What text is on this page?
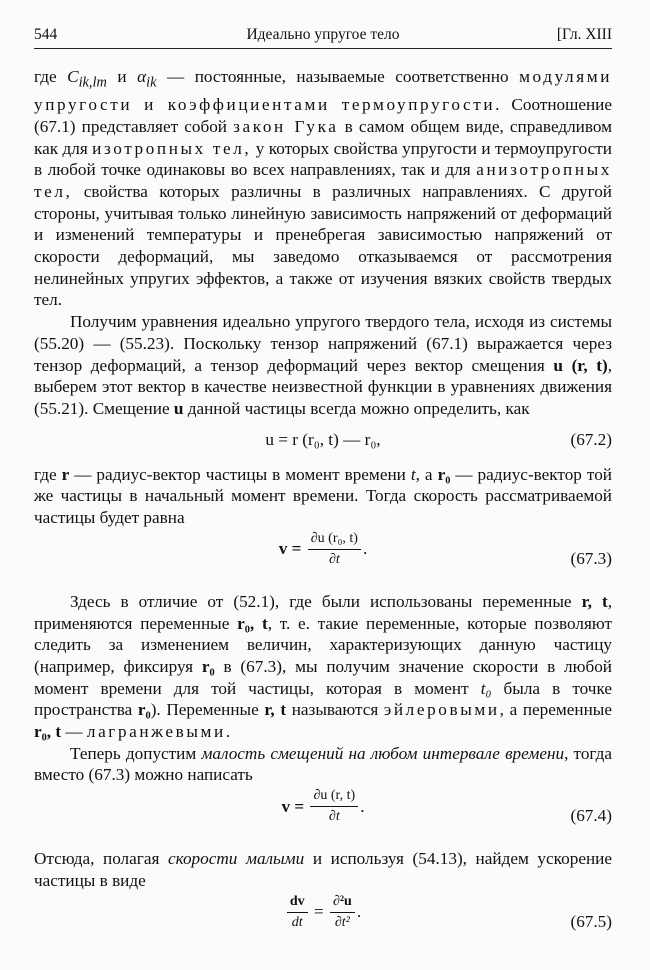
544	Идеально упругое тело	[Гл. XIII

где $C_{ik,lm}$ и $\alpha_{ik}$ — постоянные, называемые соответственно модулями упругости и коэффициентами термоупругости. Соотношение (67.1) представляет собой закон Гука в самом общем виде, справедливом как для изотропных тел, у которых свойства упругости и термоупругости в любой точке одинаковы во всех направлениях, так и для анизотропных тел, свойства которых различны в различных направлениях. С другой стороны, учитывая только линейную зависимость напряжений от деформаций и изменений температуры и пренебрегая зависимостью напряжений от скорости деформаций, мы заведомо отказываемся от рассмотрения нелинейных упругих эффектов, а также от изучения вязких свойств твердых тел.

Получим уравнения идеально упругого твердого тела, исходя из системы (55.20) — (55.23). Поскольку тензор напряжений (67.1) выражается через тензор деформаций, а тензор деформаций через вектор смещения u (r, t), выберем этот вектор в качестве неизвестной функции в уравнениях движения (55.21). Смещение u данной частицы всегда можно определить, как

u = r (r₀, t) — r₀,	(67.2)

где r — радиус-вектор частицы в момент времени t, а r₀ — радиус-вектор той же частицы в начальный момент времени. Тогда скорость рассматриваемой частицы будет равна

$v = \frac{\text{∂u (r₀, t)}}{\partial t}$ .	(67.3)

Здесь в отличие от (52.1), где были использованы переменные r, t, применяются переменные r₀, t, т. е. такие переменные, которые позволяют следить за изменением величин, характеризующих данную частицу (например, фиксируя r₀ в (67.3), мы получим значение скорости в любой момент времени для той частицы, которая в момент t₀ была в точке пространства r₀). Переменные r, t называются эйлеровыми, а переменные r₀, t — лагранжевыми.

Теперь допустим малость смещений на любом интервале времени, тогда вместо (67.3) можно написать

$v = \frac{\partial u (r, t)}{\partial t}$ .	(67.4)

Отсюда, полагая скорости малыми и используя (54.13), найдем ускорение частицы в виде

$\frac{dv}{dt} = \frac{\text{∂²u}}{\text{∂t²}}$ .	(67.5)
